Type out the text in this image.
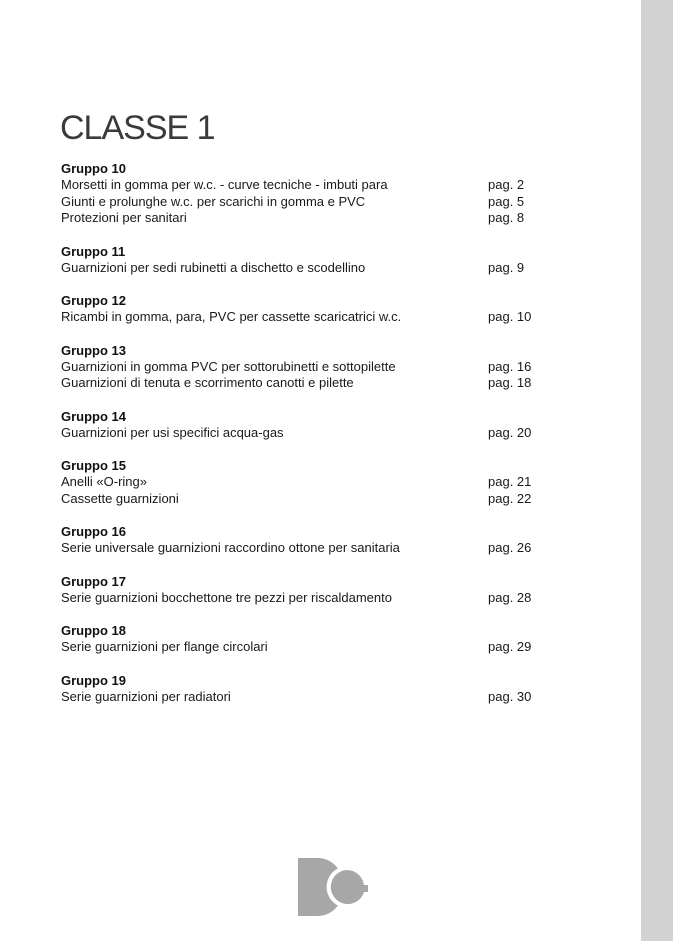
CLASSE 1
Gruppo 10
Morsetti in gomma per w.c. - curve tecniche - imbuti para	pag. 2
Giunti e prolunghe w.c. per scarichi in gomma e PVC	pag. 5
Protezioni per sanitari	pag. 8
Gruppo 11
Guarnizioni per sedi rubinetti a dischetto e scodellino	pag. 9
Gruppo 12
Ricambi in gomma, para, PVC per cassette scaricatrici w.c.	pag. 10
Gruppo 13
Guarnizioni in gomma PVC per sottorubinetti e sottopilette	pag. 16
Guarnizioni di tenuta e scorrimento canotti e pilette	pag. 18
Gruppo 14
Guarnizioni per usi specifici acqua-gas	pag. 20
Gruppo 15
Anelli «O-ring»	pag. 21
Cassette guarnizioni	pag. 22
Gruppo 16
Serie universale guarnizioni raccordino ottone per sanitaria	pag. 26
Gruppo 17
Serie guarnizioni bocchettone tre pezzi per riscaldamento	pag. 28
Gruppo 18
Serie guarnizioni per flange circolari	pag. 29
Gruppo 19
Serie guarnizioni per radiatori	pag. 30
